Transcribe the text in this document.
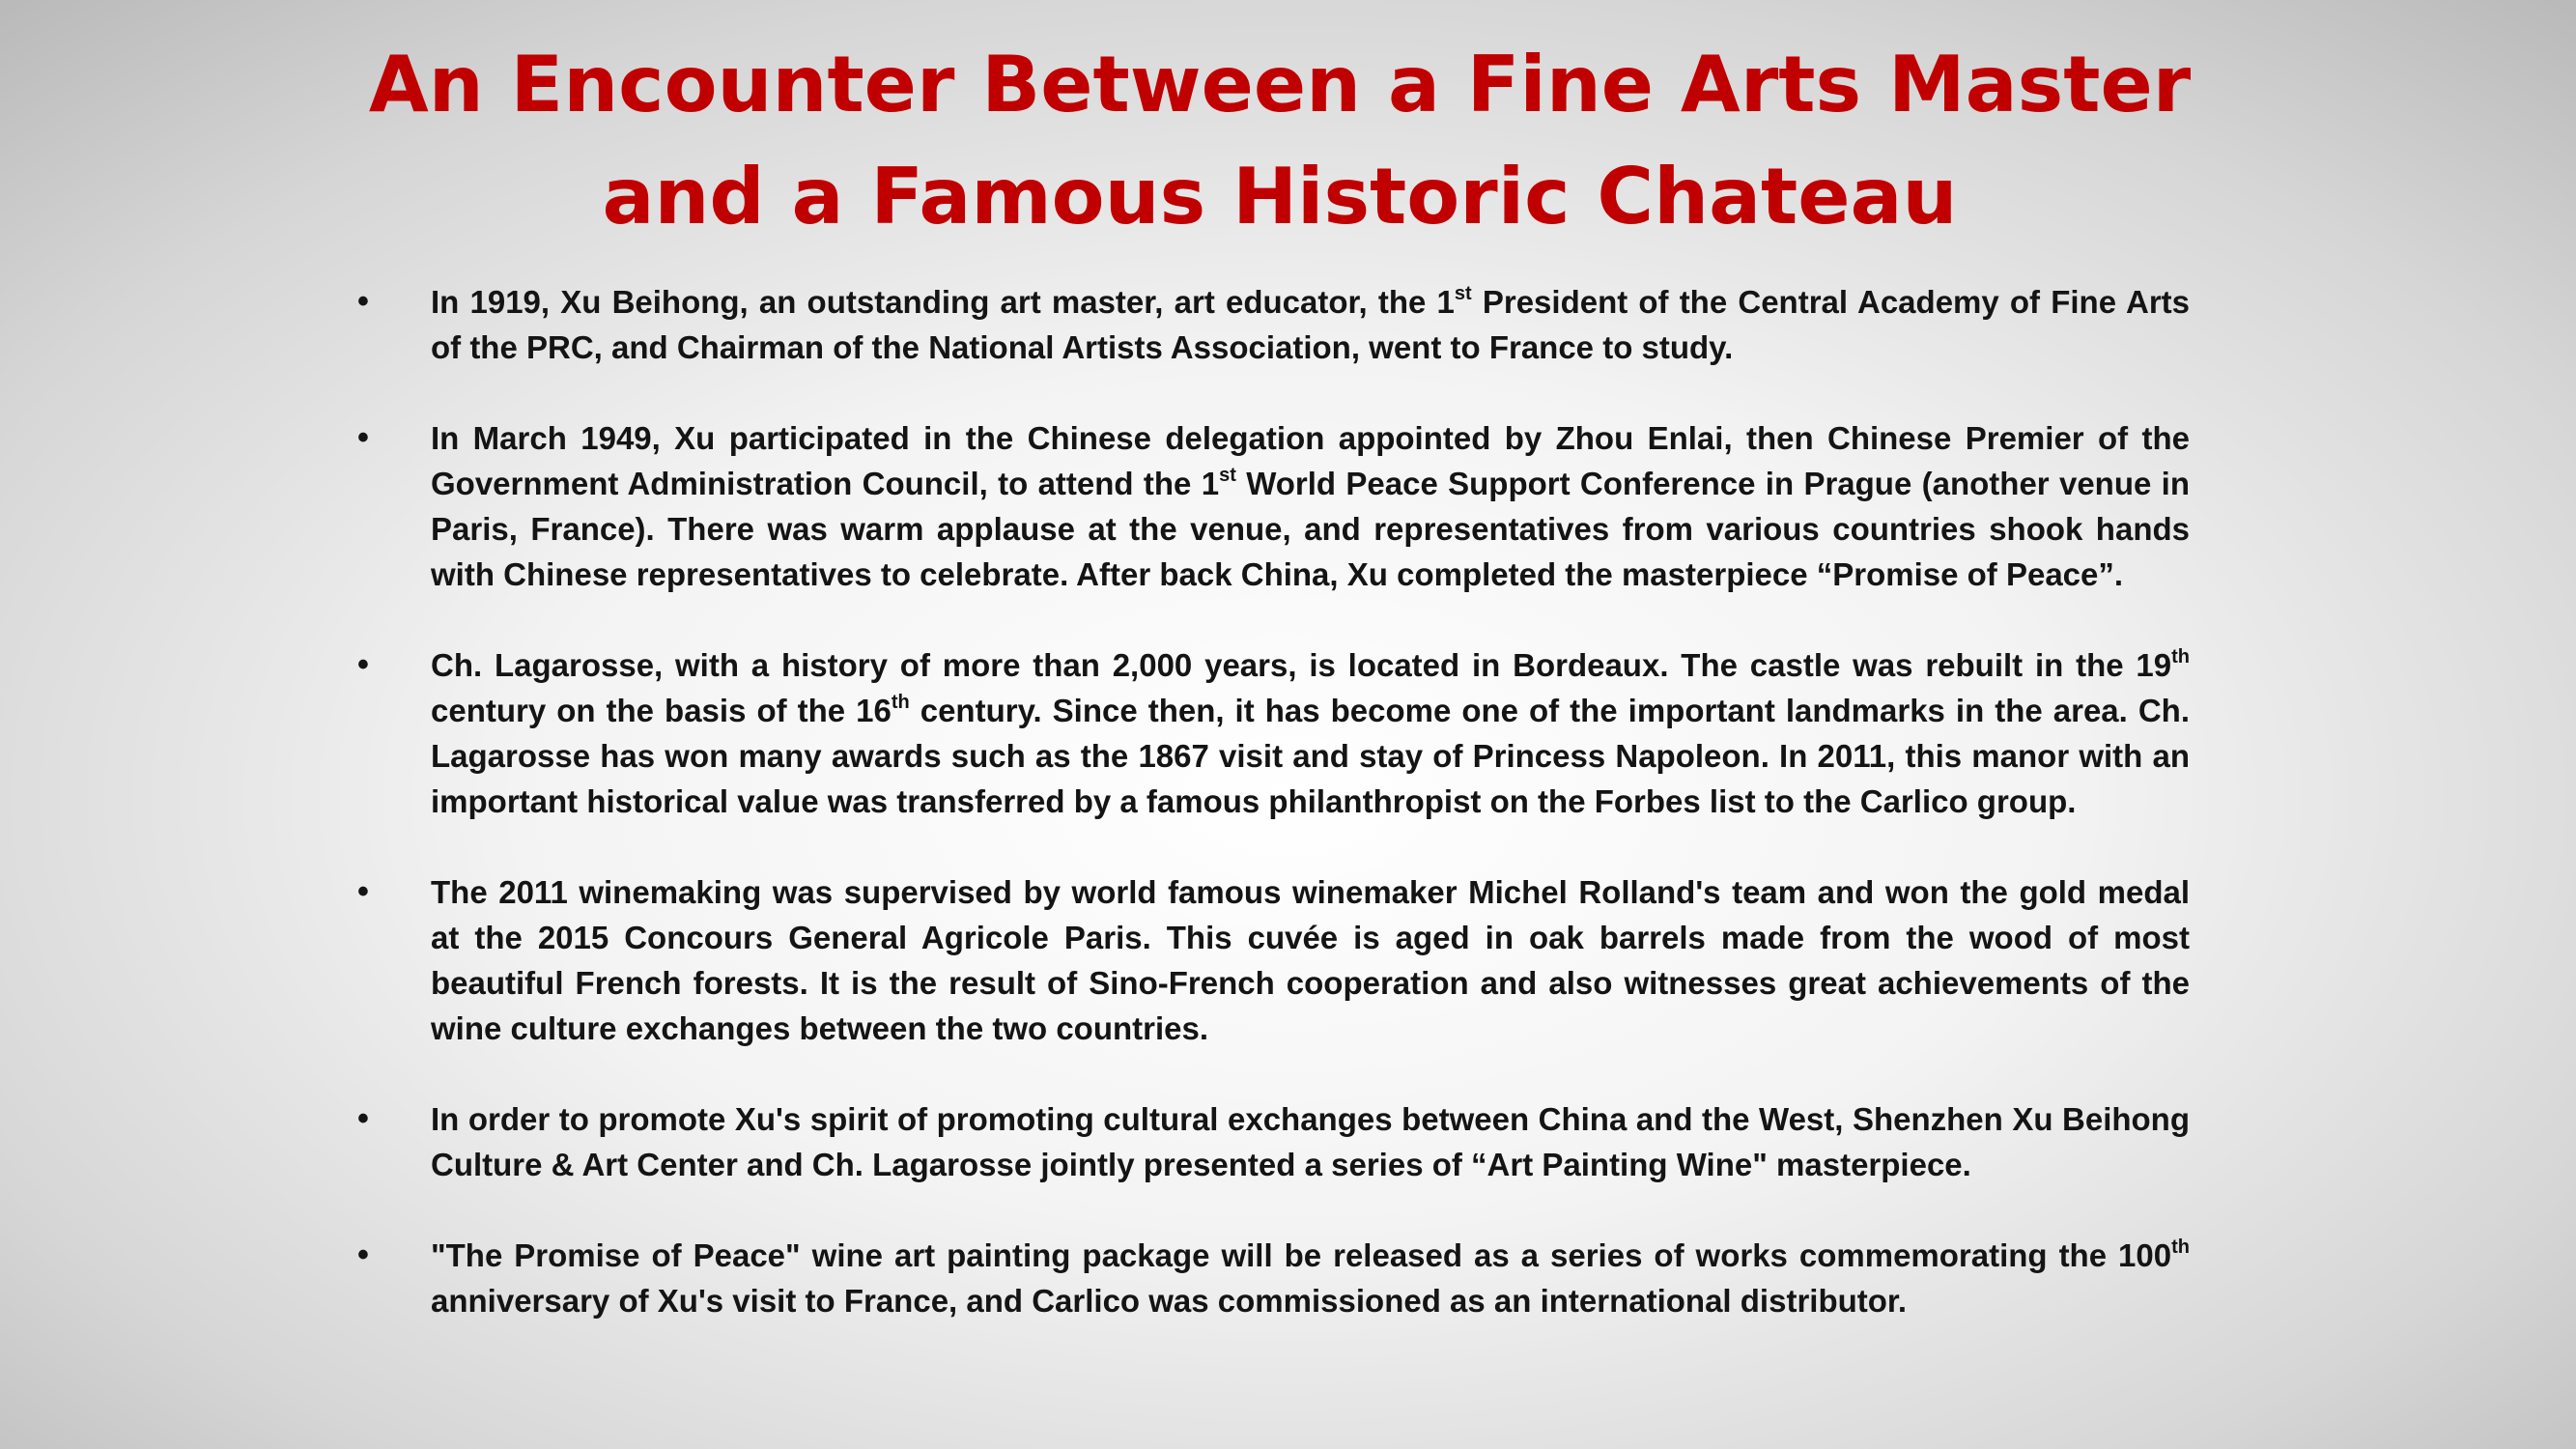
An Encounter Between a Fine Arts Master
and a Famous Historic Chateau
•	In 1919, Xu Beihong, an outstanding art master, art educator, the 1st President of the Central Academy of Fine Arts of the PRC, and Chairman of the National Artists Association, went to France to study.
•	In March 1949, Xu participated in the Chinese delegation appointed by Zhou Enlai, then Chinese Premier of the Government Administration Council, to attend the 1st World Peace Support Conference in Prague (another venue in Paris, France). There was warm applause at the venue, and representatives from various countries shook hands with Chinese representatives to celebrate. After back China, Xu completed the masterpiece “Promise of Peace”.
•	Ch. Lagarosse, with a history of more than 2,000 years, is located in Bordeaux. The castle was rebuilt in the 19th century on the basis of the 16th century. Since then, it has become one of the important landmarks in the area. Ch. Lagarosse has won many awards such as the 1867 visit and stay of Princess Napoleon. In 2011, this manor with an important historical value was transferred by a famous philanthropist on the Forbes list to the Carlico group.
•	The 2011 winemaking was supervised by world famous winemaker Michel Rolland's team and won the gold medal at the 2015 Concours General Agricole Paris. This cuvée is aged in oak barrels made from the wood of most beautiful French forests. It is the result of Sino-French cooperation and also witnesses great achievements of the wine culture exchanges between the two countries.
•	In order to promote Xu's spirit of promoting cultural exchanges between China and the West, Shenzhen Xu Beihong Culture & Art Center and Ch. Lagarosse jointly presented a series of “Art Painting Wine" masterpiece.
•	"The Promise of Peace" wine art painting package will be released as a series of works commemorating the 100th anniversary of Xu's visit to France, and Carlico was commissioned as an international distributor.
